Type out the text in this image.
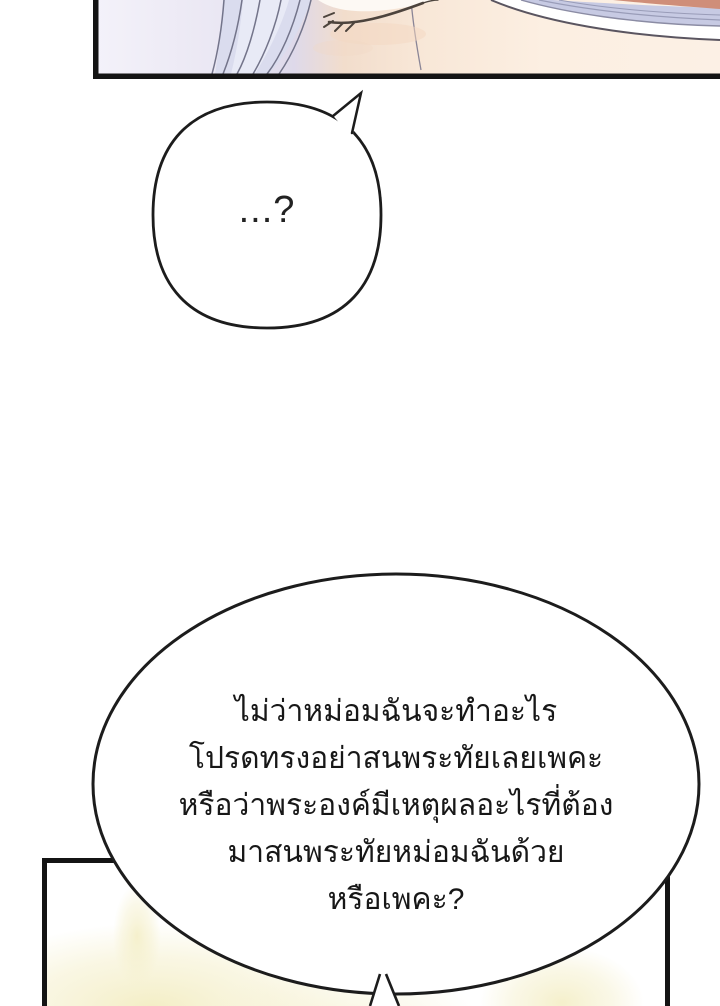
...?
ไม่ว่าหม่อมฉันจะทำอะไร
โปรดทรงอย่าสนพระทัยเลยเพคะ
หรือว่าพระองค์มีเหตุผลอะไรที่ต้อง
มาสนพระทัยหม่อมฉันด้วย
หรือเพคะ?
